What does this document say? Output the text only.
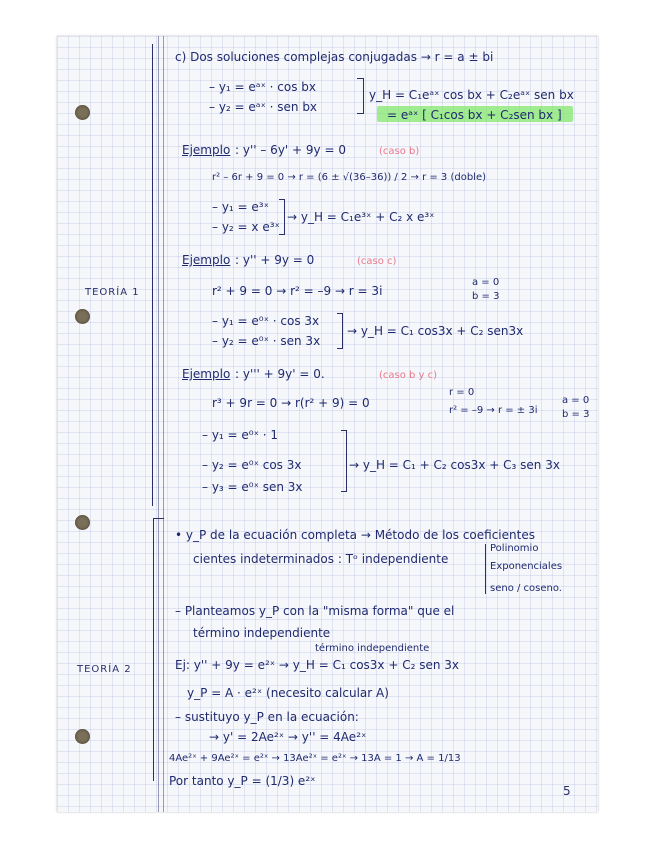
TEORÍA 1
c) Dos soluciones complejas conjugadas → r = a ± bi
– y₁ = eᵃˣ · cos bx
– y₂ = eᵃˣ · sen bx
y_H = C₁eᵃˣ cos bx + C₂eᵃˣ sen bx
= eᵃˣ [ C₁cos bx + C₂sen bx ]
Ejemplo : y'' – 6y' + 9y = 0	(caso b)
r² – 6r + 9 = 0 → r = (6 ± √(36–36)) / 2 → r = 3 (doble)
– y₁ = e³ˣ
– y₂ = x e³ˣ
→ y_H = C₁e³ˣ + C₂ x e³ˣ
Ejemplo : y'' + 9y = 0	(caso c)
r² + 9 = 0 → r² = –9 → r = 3i
a = 0 b = 3
– y₁ = e⁰ˣ · cos 3x
– y₂ = e⁰ˣ · sen 3x
→ y_H = C₁ cos3x + C₂ sen3x
Ejemplo : y''' + 9y' = 0.	(caso b y c)
r³ + 9r = 0 → r(r² + 9) = 0
r = 0
r² = –9 → r = ± 3i
a = 0 b = 3
– y₁ = e⁰ˣ · 1
– y₂ = e⁰ˣ cos 3x
– y₃ = e⁰ˣ sen 3x
→ y_H = C₁ + C₂ cos3x + C₃ sen 3x
TEORÍA 2
• y_P de la ecuación completa → Método de los coeficientes
cientes indeterminados : Tᵒ independiente
Polinomio
Exponenciales
seno / coseno.
– Planteamos y_P con la "misma forma" que el
término independiente
término independiente
Ej: y'' + 9y = e²ˣ → y_H = C₁ cos3x + C₂ sen 3x
y_P = A · e²ˣ (necesito calcular A)
– sustituyo y_P en la ecuación:
→ y' = 2Ae²ˣ → y'' = 4Ae²ˣ
4Ae²ˣ + 9Ae²ˣ = e²ˣ → 13Ae²ˣ = e²ˣ → 13A = 1 → A = 1/13
Por tanto y_P = (1/3) e²ˣ
5
